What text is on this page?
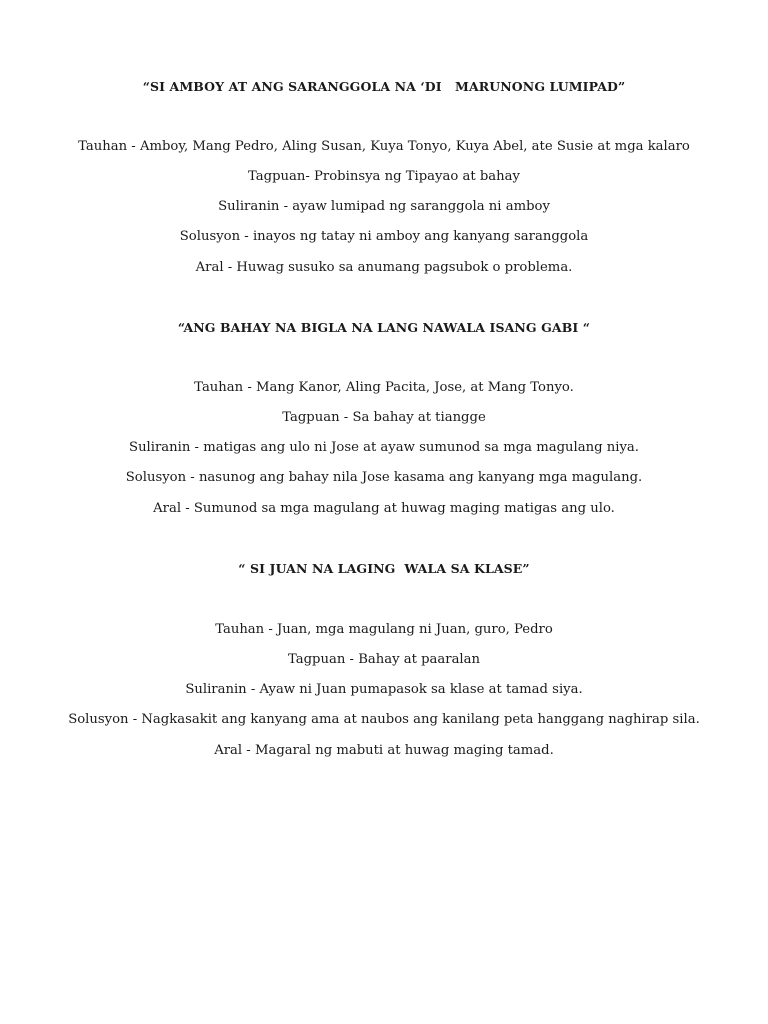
“SI AMBOY AT ANG SARANGGOLA NA ‘DI   MARUNONG LUMIPAD”
Tauhan - Amboy, Mang Pedro, Aling Susan, Kuya Tonyo, Kuya Abel, ate Susie at mga kalaro
Tagpuan- Probinsya ng Tipayao at bahay
Suliranin - ayaw lumipad ng saranggola ni amboy
Solusyon - inayos ng tatay ni amboy ang kanyang saranggola
Aral - Huwag susuko sa anumang pagsubok o problema.
“ANG BAHAY NA BIGLA NA LANG NAWALA ISANG GABI “
Tauhan - Mang Kanor, Aling Pacita, Jose, at Mang Tonyo.
Tagpuan - Sa bahay at tiangge
Suliranin - matigas ang ulo ni Jose at ayaw sumunod sa mga magulang niya.
Solusyon - nasunog ang bahay nila Jose kasama ang kanyang mga magulang.
Aral - Sumunod sa mga magulang at huwag maging matigas ang ulo.
“ SI JUAN NA LAGING  WALA SA KLASE”
Tauhan - Juan, mga magulang ni Juan, guro, Pedro
Tagpuan - Bahay at paaralan
Suliranin - Ayaw ni Juan pumapasok sa klase at tamad siya.
Solusyon - Nagkasakit ang kanyang ama at naubos ang kanilang peta hanggang naghirap sila.
Aral - Magaral ng mabuti at huwag maging tamad.
